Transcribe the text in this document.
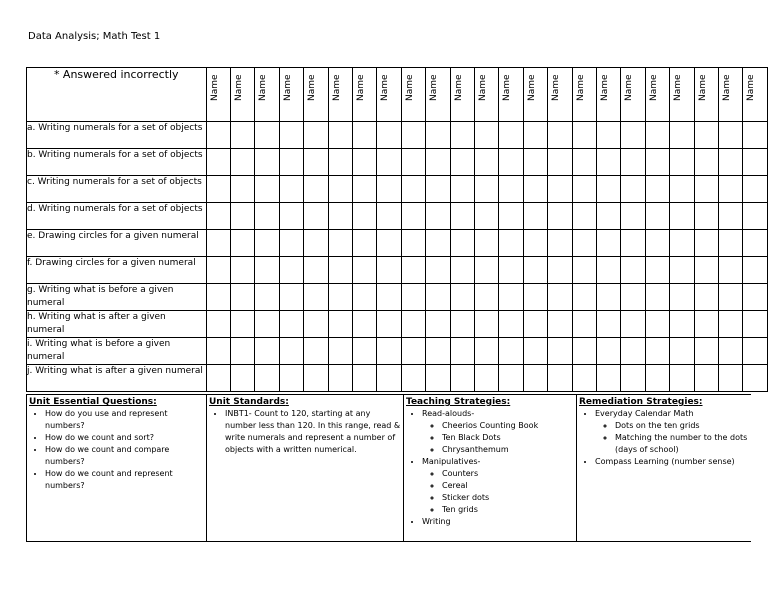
Data Analysis; Math Test 1
* Answered incorrectly	Name	Name	Name	Name	Name	Name	Name	Name	Name	Name	Name	Name	Name	Name	Name	Name	Name	Name	Name	Name	Name	Name	Name

a. Writing numerals for a set of objects																							
b. Writing numerals for a set of objects																							
c. Writing numerals for a set of objects																							
d. Writing numerals for a set of objects																							
e. Drawing circles for a given numeral																							
f. Drawing circles for a given numeral																							
g. Writing what is before a given numeral																							
h. Writing what is after a given numeral																							
i. Writing what is before a given numeral																							
j. Writing what is after a given numeral																							
Unit Essential Questions:
• How do you use and represent numbers?
• How do we count and sort?
• How do we count and compare numbers?
• How do we count and represent numbers?

Unit Standards:
• INBT1- Count to 120, starting at any number less than 120. In this range, read & write numerals and represent a number of objects with a written numerical.

Teaching Strategies:
• Read-alouds-
◦ Cheerios Counting Book
◦ Ten Black Dots
◦ Chrysanthemum
• Manipulatives-
◦ Counters
◦ Cereal
◦ Sticker dots
◦ Ten grids
• Writing

Remediation Strategies:
• Everyday Calendar Math
◦ Dots on the ten grids
◦ Matching the number to the dots (days of school)
• Compass Learning (number sense)
